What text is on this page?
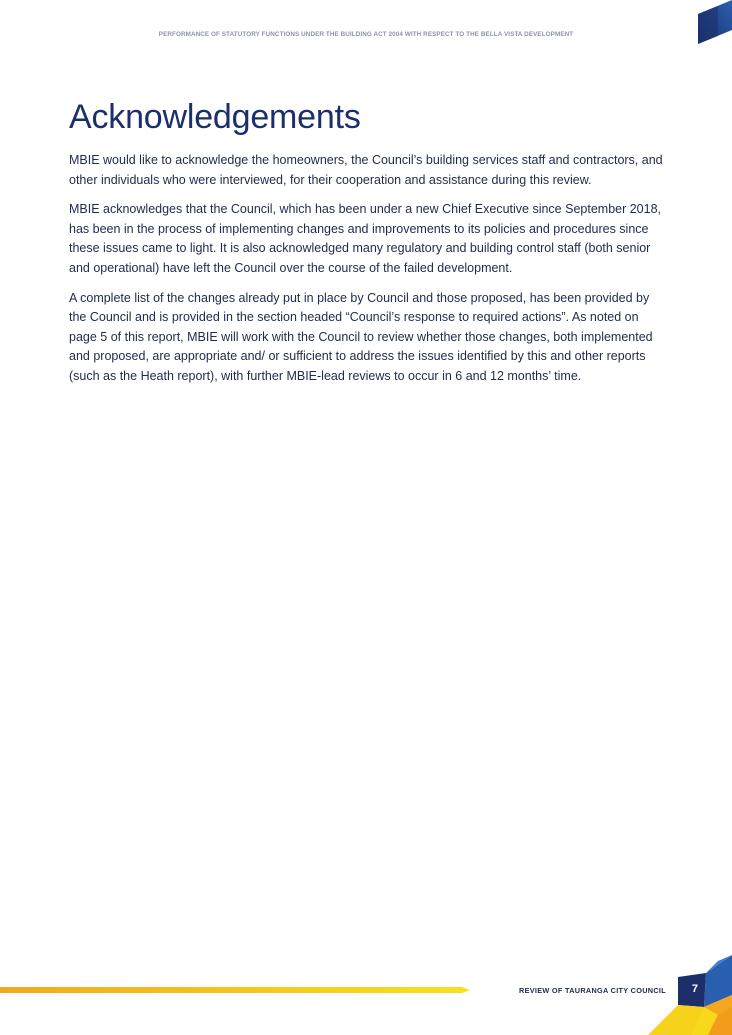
PERFORMANCE OF STATUTORY FUNCTIONS UNDER THE BUILDING ACT 2004 WITH RESPECT TO THE BELLA VISTA DEVELOPMENT
Acknowledgements

MBIE would like to acknowledge the homeowners, the Council’s building services staff and contractors, and other individuals who were interviewed, for their cooperation and assistance during this review.

MBIE acknowledges that the Council, which has been under a new Chief Executive since September 2018, has been in the process of implementing changes and improvements to its policies and procedures since these issues came to light. It is also acknowledged many regulatory and building control staff (both senior and operational) have left the Council over the course of the failed development.

A complete list of the changes already put in place by Council and those proposed, has been provided by the Council and is provided in the section headed “Council’s response to required actions”. As noted on page 5 of this report, MBIE will work with the Council to review whether those changes, both implemented and proposed, are appropriate and/ or sufficient to address the issues identified by this and other reports (such as the Heath report), with further MBIE-lead reviews to occur in 6 and 12 months’ time.

REVIEW OF TAURANGA CITY COUNCIL 7
